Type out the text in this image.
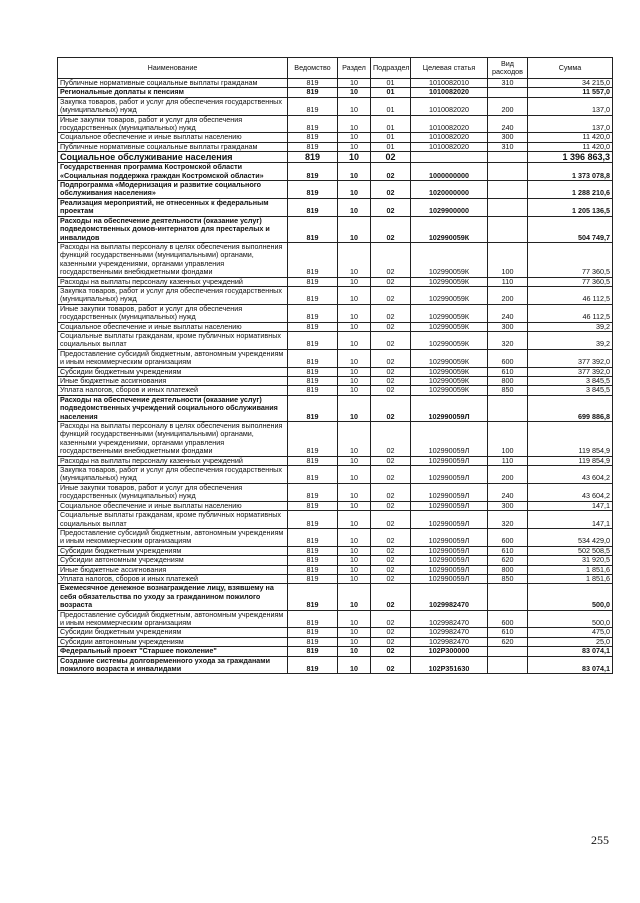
Наименование	Ведомство	Раздел	Подраздел	Целевая статья	Вид расходов	Сумма
Публичные нормативные социальные выплаты гражданам	819	10	01	1010082010	310	34 215,0
Региональные доплаты к пенсиям	819	10	01	1010082020		11 557,0
Закупка товаров, работ и услуг для обеспечения государственных (муниципальных) нужд	819	10	01	1010082020	200	137,0
Иные закупки товаров, работ и услуг для обеспечения государственных (муниципальных) нужд	819	10	01	1010082020	240	137,0
Социальное обеспечение и иные выплаты населению	819	10	01	1010082020	300	11 420,0
Публичные нормативные социальные выплаты гражданам	819	10	01	1010082020	310	11 420,0
Социальное обслуживание населения	819	10	02			1 396 863,3
Государственная программа Костромской области «Социальная поддержка граждан Костромской области»	819	10	02	1000000000		1 373 078,8
Подпрограмма «Модернизация и развитие социального обслуживания населения»	819	10	02	1020000000		1 288 210,6
Реализация мероприятий, не отнесенных к федеральным проектам	819	10	02	1029900000		1 205 136,5
Расходы на обеспечение деятельности (оказание услуг) подведомственных домов-интернатов для престарелых и инвалидов	819	10	02	102990059К		504 749,7
Расходы на выплаты персоналу в целях обеспечения выполнения функций государственными (муниципальными) органами, казенными учреждениями, органами управления государственными внебюджетными фондами	819	10	02	102990059К	100	77 360,5
Расходы на выплаты персоналу казенных учреждений	819	10	02	102990059К	110	77 360,5
Закупка товаров, работ и услуг для обеспечения государственных (муниципальных) нужд	819	10	02	102990059К	200	46 112,5
Иные закупки товаров, работ и услуг для обеспечения государственных (муниципальных) нужд	819	10	02	102990059К	240	46 112,5
Социальное обеспечение и иные выплаты населению	819	10	02	102990059К	300	39,2
Социальные выплаты гражданам, кроме публичных нормативных социальных выплат	819	10	02	102990059К	320	39,2
Предоставление субсидий бюджетным, автономным учреждениям и иным некоммерческим организациям	819	10	02	102990059К	600	377 392,0
Субсидии бюджетным учреждениям	819	10	02	102990059К	610	377 392,0
Иные бюджетные ассигнования	819	10	02	102990059К	800	3 845,5
Уплата налогов, сборов и иных платежей	819	10	02	102990059К	850	3 845,5
Расходы на обеспечение деятельности (оказание услуг) подведомственных учреждений социального обслуживания населения	819	10	02	102990059Л		699 886,8
Расходы на выплаты персоналу в целях обеспечения выполнения функций государственными (муниципальными) органами, казенными учреждениями, органами управления государственными внебюджетными фондами	819	10	02	102990059Л	100	119 854,9
Расходы на выплаты персоналу казенных учреждений	819	10	02	102990059Л	110	119 854,9
Закупка товаров, работ и услуг для обеспечения государственных (муниципальных) нужд	819	10	02	102990059Л	200	43 604,2
Иные закупки товаров, работ и услуг для обеспечения государственных (муниципальных) нужд	819	10	02	102990059Л	240	43 604,2
Социальное обеспечение и иные выплаты населению	819	10	02	102990059Л	300	147,1
Социальные выплаты гражданам, кроме публичных нормативных социальных выплат	819	10	02	102990059Л	320	147,1
Предоставление субсидий бюджетным, автономным учреждениям и иным некоммерческим организациям	819	10	02	102990059Л	600	534 429,0
Субсидии бюджетным учреждениям	819	10	02	102990059Л	610	502 508,5
Субсидии автономным учреждениям	819	10	02	102990059Л	620	31 920,5
Иные бюджетные ассигнования	819	10	02	102990059Л	800	1 851,6
Уплата налогов, сборов и иных платежей	819	10	02	102990059Л	850	1 851,6
Ежемесячное денежное вознаграждение лицу, взявшему на себя обязательства по уходу за гражданином пожилого возраста	819	10	02	1029982470		500,0
Предоставление субсидий бюджетным, автономным учреждениям и иным некоммерческим организациям	819	10	02	1029982470	600	500,0
Субсидии бюджетным учреждениям	819	10	02	1029982470	610	475,0
Субсидии автономным учреждениям	819	10	02	1029982470	620	25,0
Федеральный проект "Старшее поколение"	819	10	02	102P300000		83 074,1
Создание системы долговременного ухода за гражданами пожилого возраста и инвалидами	819	10	02	102P351630		83 074,1
255
